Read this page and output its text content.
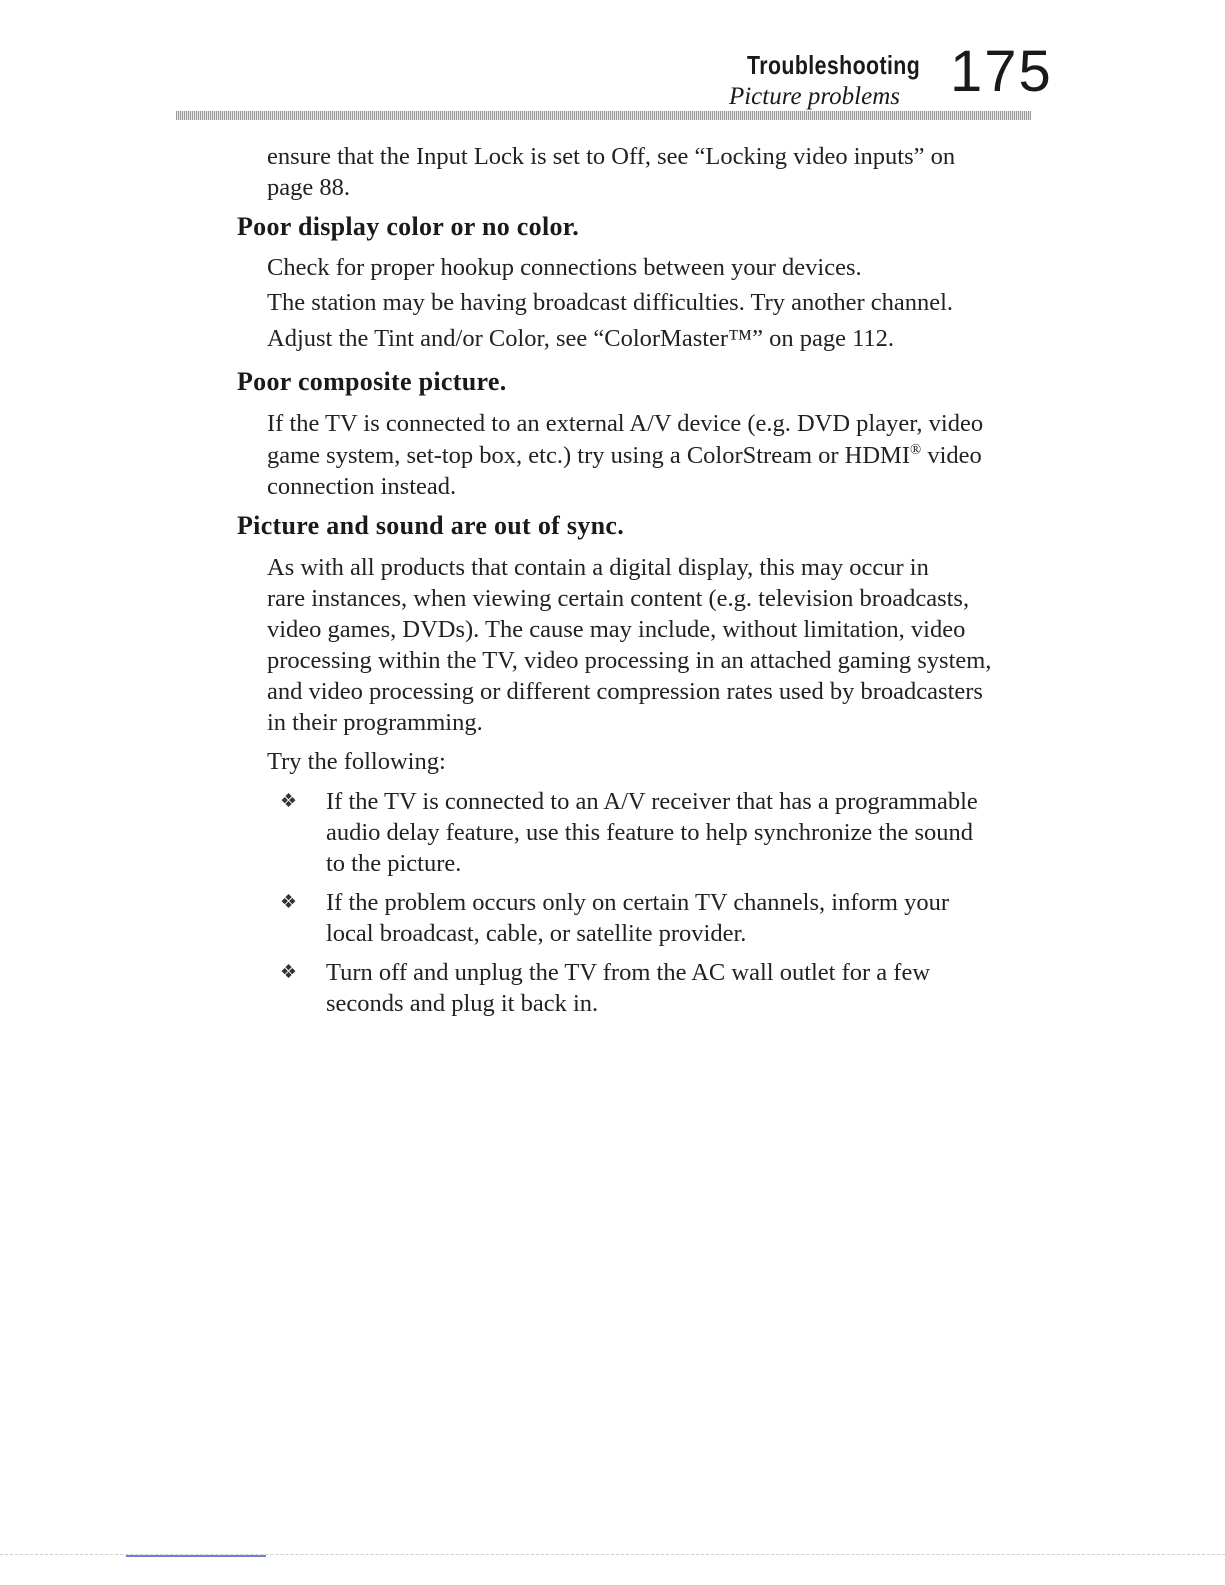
Troubleshooting
Picture problems 175
ensure that the Input Lock is set to Off, see “Locking video inputs” on
page 88.
Poor display color or no color.
Check for proper hookup connections between your devices.
The station may be having broadcast difficulties. Try another channel.
Adjust the Tint and/or Color, see “ColorMaster™” on page 112.
Poor composite picture.
If the TV is connected to an external A/V device (e.g. DVD player, video
game system, set-top box, etc.) try using a ColorStream or HDMI® video
connection instead.
Picture and sound are out of sync.
As with all products that contain a digital display, this may occur in
rare instances, when viewing certain content (e.g. television broadcasts,
video games, DVDs). The cause may include, without limitation, video
processing within the TV, video processing in an attached gaming system,
and video processing or different compression rates used by broadcasters
in their programming.
Try the following:
❖ If the TV is connected to an A/V receiver that has a programmable
audio delay feature, use this feature to help synchronize the sound
to the picture.
❖ If the problem occurs only on certain TV channels, inform your
local broadcast, cable, or satellite provider.
❖ Turn off and unplug the TV from the AC wall outlet for a few
seconds and plug it back in.
